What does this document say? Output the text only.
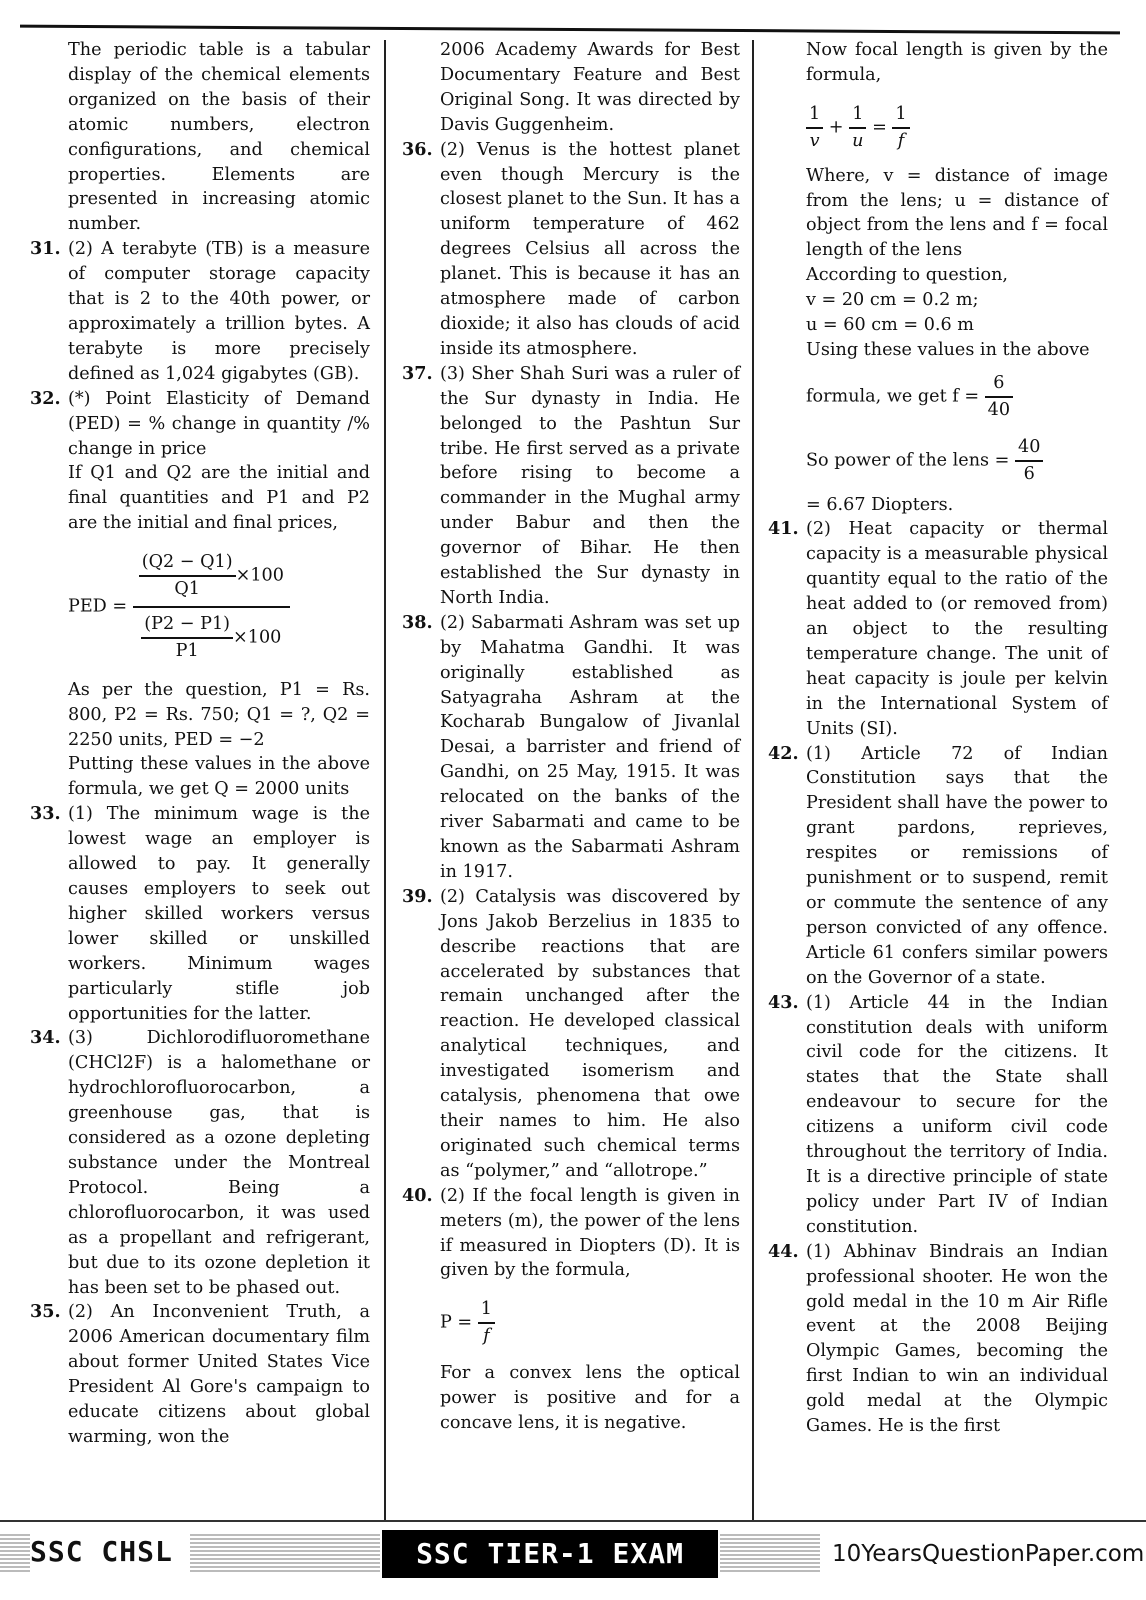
The periodic table is a tabular display of the chemical elements organized on the basis of their atomic numbers, electron configurations, and chemical properties. Elements are presented in increasing atomic number.

31. (2) A terabyte (TB) is a measure of computer storage capacity that is 2 to the 40th power, or approximately a trillion bytes. A terabyte is more precisely defined as 1,024 gigabytes (GB).
32. (*) Point Elasticity of Demand (PED) = % change in quantity /% change in price

If Q1 and Q2 are the initial and final quantities and P1 and P2 are the initial and final prices,

PED = $\frac{\frac{(Q2 - Q1)}{Q1} \times 100}{\frac{(P2 - P1)}{P1} \times 100}$

As per the question, P1 = Rs. 800, P2 = Rs. 750; Q1 = ?, Q2 = 2250 units, PED = −2

Putting these values in the above formula, we get Q = 2000 units

33. (1) The minimum wage is the lowest wage an employer is allowed to pay. It generally causes employers to seek out higher skilled workers versus lower skilled or unskilled workers. Minimum wages particularly stifle job opportunities for the latter.
34. (3) Dichlorodifluoromethane (CHCl2F) is a halomethane or hydrochlorofluorocarbon, a greenhouse gas, that is considered as a ozone depleting substance under the Montreal Protocol. Being a chlorofluorocarbon, it was used as a propellant and refrigerant, but due to its ozone depletion it has been set to be phased out.
35. (2) An Inconvenient Truth, a 2006 American documentary film about former United States Vice President Al Gore's campaign to educate citizens about global warming, won the

2006 Academy Awards for Best Documentary Feature and Best Original Song. It was directed by Davis Guggenheim.

36. (2) Venus is the hottest planet even though Mercury is the closest planet to the Sun. It has a uniform temperature of 462 degrees Celsius all across the planet. This is because it has an atmosphere made of carbon dioxide; it also has clouds of acid inside its atmosphere.
37. (3) Sher Shah Suri was a ruler of the Sur dynasty in India. He belonged to the Pashtun Sur tribe. He first served as a private before rising to become a commander in the Mughal army under Babur and then the governor of Bihar. He then established the Sur dynasty in North India.
38. (2) Sabarmati Ashram was set up by Mahatma Gandhi. It was originally established as Satyagraha Ashram at the Kocharab Bungalow of Jivanlal Desai, a barrister and friend of Gandhi, on 25 May, 1915. It was relocated on the banks of the river Sabarmati and came to be known as the Sabarmati Ashram in 1917.
39. (2) Catalysis was discovered by Jons Jakob Berzelius in 1835 to describe reactions that are accelerated by substances that remain unchanged after the reaction. He developed classical analytical techniques, and investigated isomerism and catalysis, phenomena that owe their names to him. He also originated such chemical terms as “polymer,” and “allotrope.”
40. (2) If the focal length is given in meters (m), the power of the lens if measured in Diopters (D). It is given by the formula,
$P = \frac{1}{f}$

For a convex lens the optical power is positive and for a concave lens, it is negative.

Now focal length is given by the formula,

$\frac{1}{v} + \frac{1}{u} = \frac{1}{f}$

Where, v = distance of image from the lens; u = distance of object from the lens and f = focal length of the lens

According to question,

v = 20 cm = 0.2 m;

u = 60 cm = 0.6 m

Using these values in the above

formula, we get $f = \frac{6}{40}$
So power of the lens = $\frac{40}{6}$

= 6.67 Diopters.

41. (2) Heat capacity or thermal capacity is a measurable physical quantity equal to the ratio of the heat added to (or removed from) an object to the resulting temperature change. The unit of heat capacity is joule per kelvin in the International System of Units (SI).
42. (1) Article 72 of Indian Constitution says that the President shall have the power to grant pardons, reprieves, respites or remissions of punishment or to suspend, remit or commute the sentence of any person convicted of any offence. Article 61 confers similar powers on the Governor of a state.
43. (1) Article 44 in the Indian constitution deals with uniform civil code for the citizens. It states that the State shall endeavour to secure for the citizens a uniform civil code throughout the territory of India. It is a directive principle of state policy under Part IV of Indian constitution.
44. (1) Abhinav Bindrais an Indian professional shooter. He won the gold medal in the 10 m Air Rifle event at the 2008 Beijing Olympic Games, becoming the first Indian to win an individual gold medal at the Olympic Games. He is the first
SSC CHSL	SSC TIER-1 EXAM	10YearsQuestionPaper.com
